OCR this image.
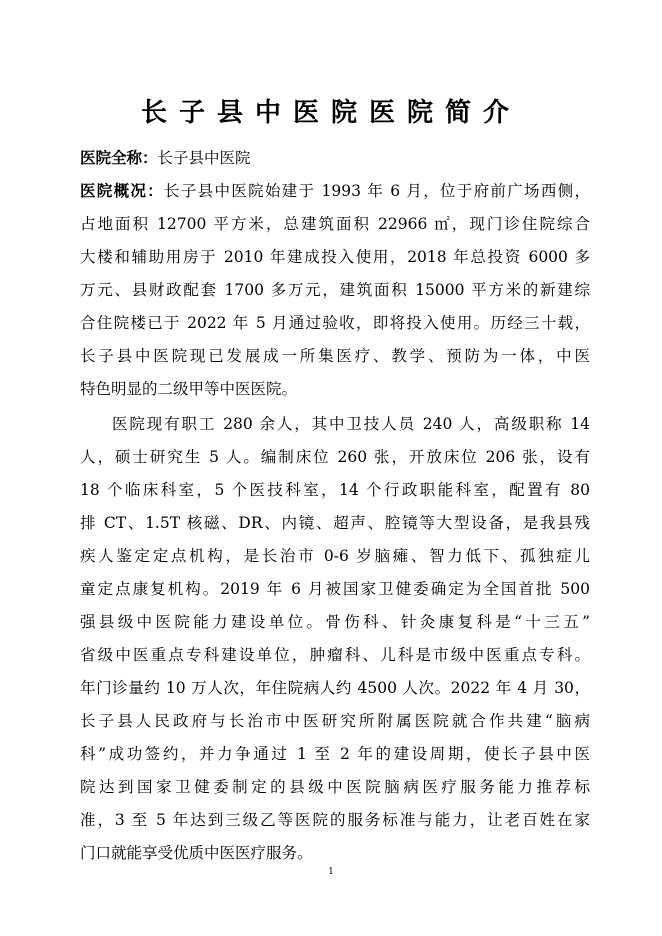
长子县中医院医院简介
医院全称：长子县中医院
医院概况：长子县中医院始建于 1993 年 6 月，位于府前广场西侧，
占地面积 12700 平方米，总建筑面积 22966 ㎡，现门诊住院综合
大楼和辅助用房于 2010 年建成投入使用，2018 年总投资 6000 多
万元、县财政配套 1700 多万元，建筑面积 15000 平方米的新建综
合住院楼已于 2022 年 5 月通过验收，即将投入使用。历经三十载，
长子县中医院现已发展成一所集医疗、教学、预防为一体，中医
特色明显的二级甲等中医医院。
医院现有职工 280 余人，其中卫技人员 240 人，高级职称 14
人，硕士研究生 5 人。编制床位 260 张，开放床位 206 张，设有
18 个临床科室，5 个医技科室，14 个行政职能科室，配置有 80
排 CT、1.5T 核磁、DR、内镜、超声、腔镜等大型设备，是我县残
疾人鉴定定点机构，是长治市 0-6 岁脑瘫、智力低下、孤独症儿
童定点康复机构。2019 年 6 月被国家卫健委确定为全国首批 500
强县级中医院能力建设单位。骨伤科、针灸康复科是“十三五”
省级中医重点专科建设单位，肿瘤科、儿科是市级中医重点专科。
年门诊量约 10 万人次，年住院病人约 4500 人次。2022 年 4 月 30，
长子县人民政府与长治市中医研究所附属医院就合作共建“脑病
科”成功签约，并力争通过 1 至 2 年的建设周期，使长子县中医
院达到国家卫健委制定的县级中医院脑病医疗服务能力推荐标
准，3 至 5 年达到三级乙等医院的服务标准与能力，让老百姓在家
门口就能享受优质中医医疗服务。
1
